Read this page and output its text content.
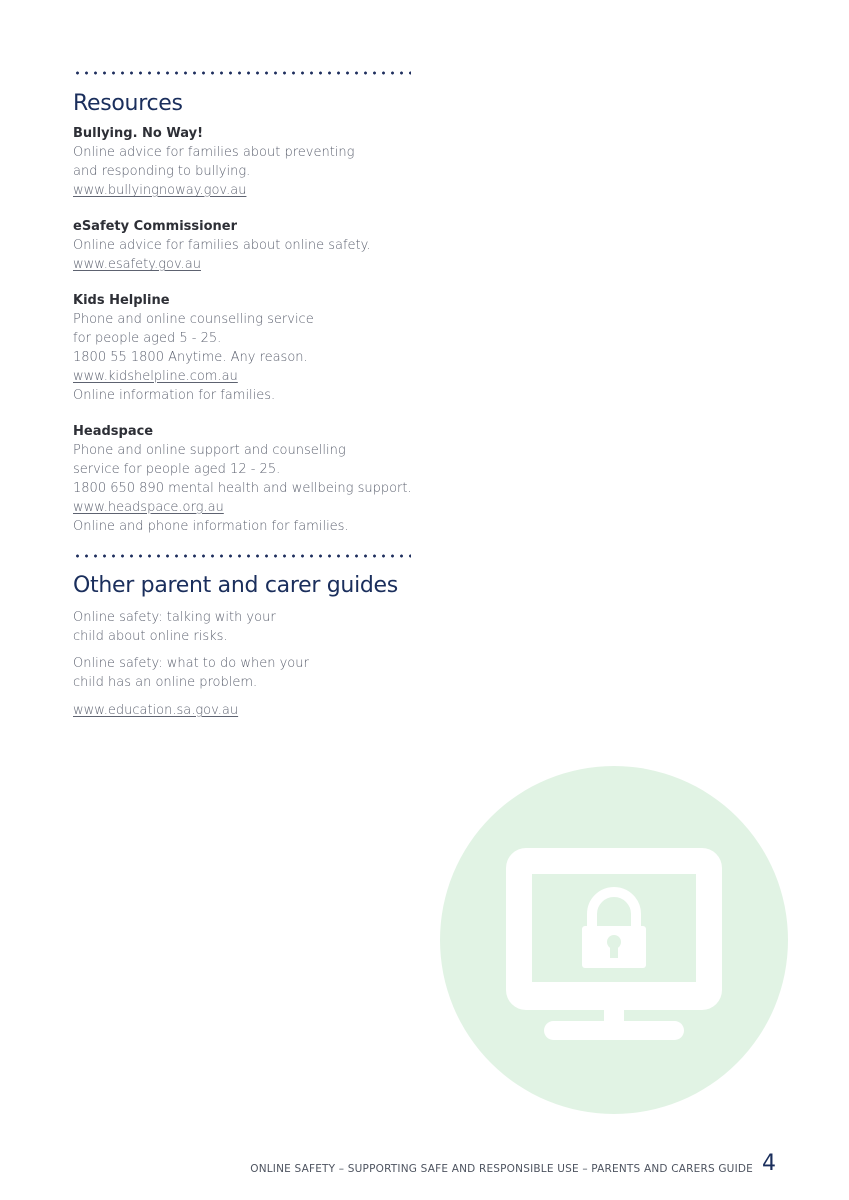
Resources
Bullying. No Way!
Online advice for families about preventing
and responding to bullying.
www.bullyingnoway.gov.au
eSafety Commissioner
Online advice for families about online safety.
www.esafety.gov.au
Kids Helpline
Phone and online counselling service
for people aged 5 - 25.
1800 55 1800 Anytime. Any reason.
www.kidshelpline.com.au
Online information for families.
Headspace
Phone and online support and counselling
service for people aged 12 - 25.
1800 650 890 mental health and wellbeing support.
www.headspace.org.au
Online and phone information for families.
Other parent and carer guides
Online safety: talking with your
child about online risks.
Online safety: what to do when your
child has an online problem.
www.education.sa.gov.au
ONLINE SAFETY – SUPPORTING SAFE AND RESPONSIBLE USE – PARENTS AND CARERS GUIDE 4
